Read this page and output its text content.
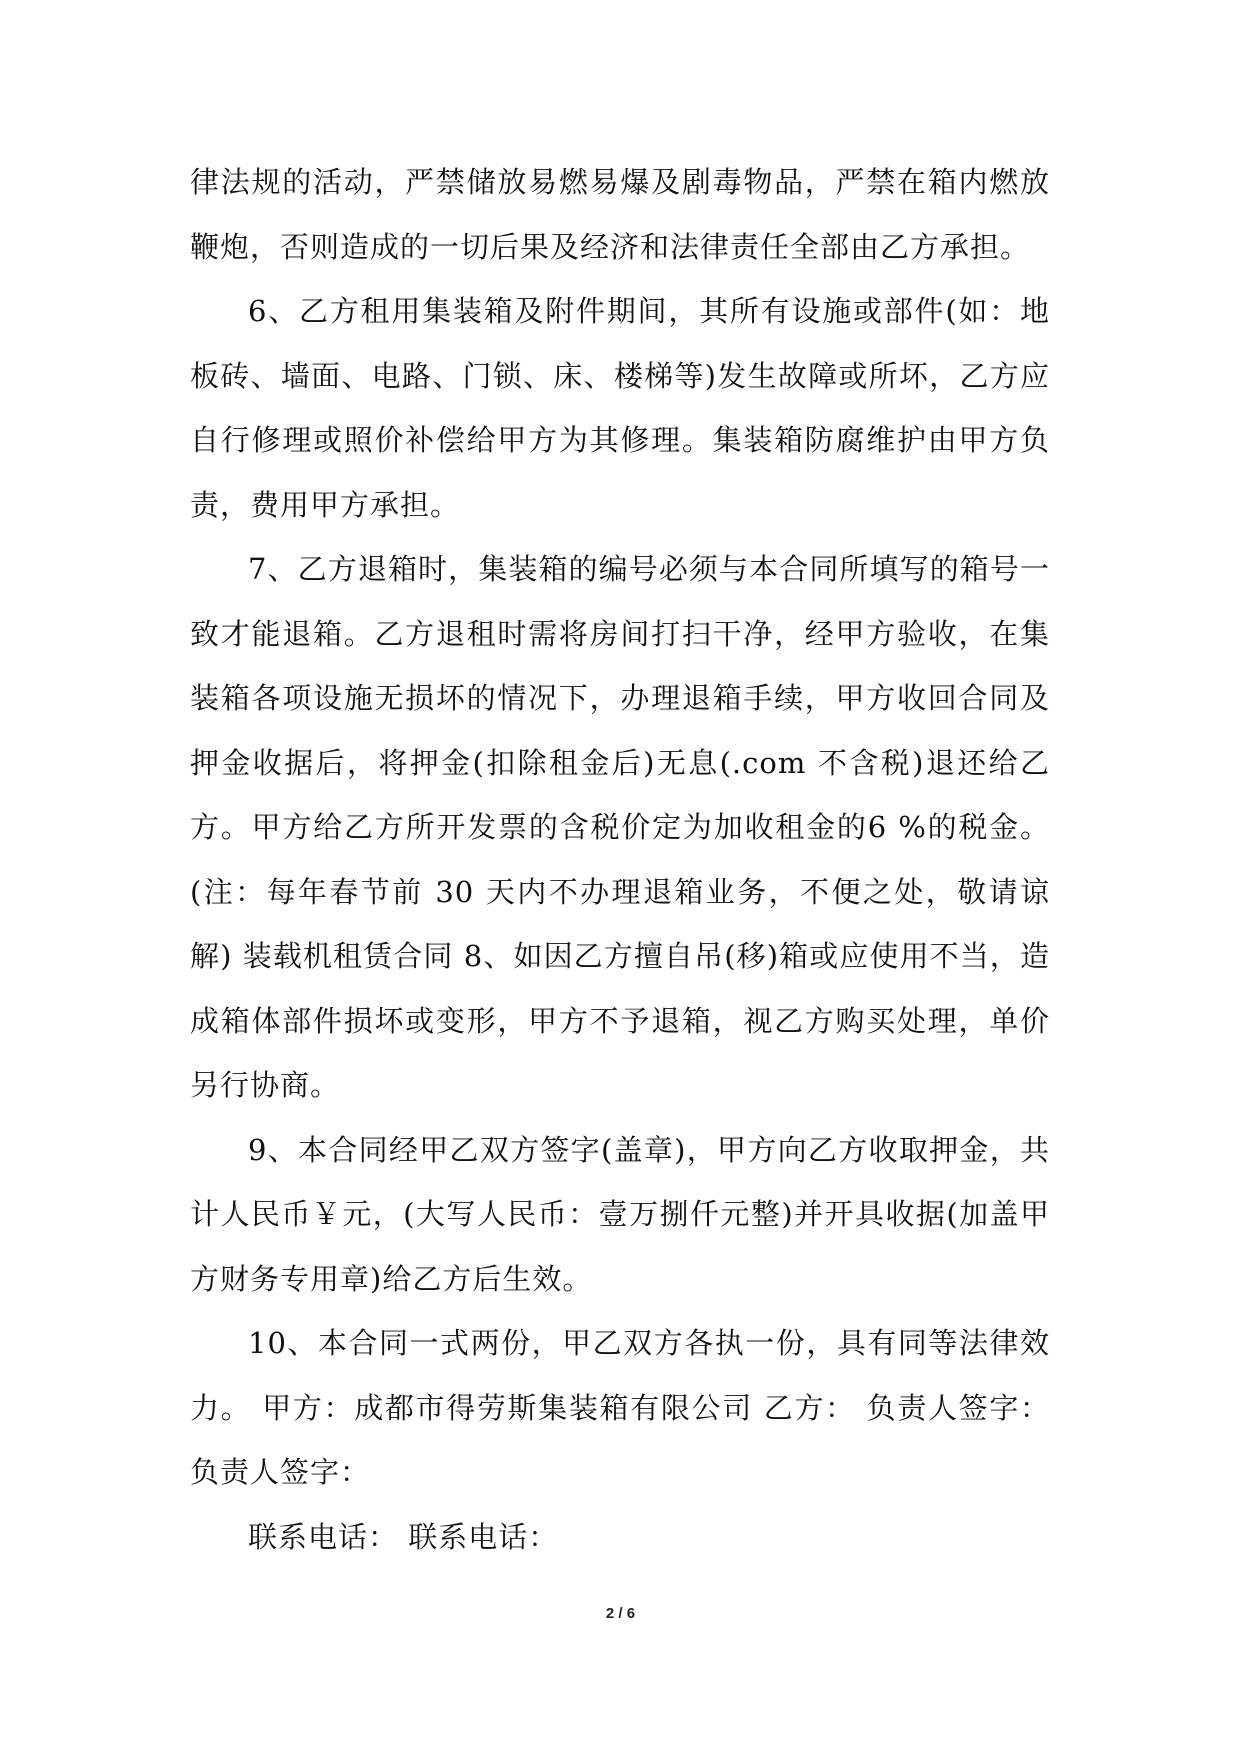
律法规的活动，严禁储放易燃易爆及剧毒物品，严禁在箱内燃放鞭炮，否则造成的一切后果及经济和法律责任全部由乙方承担。

6、乙方租用集装箱及附件期间，其所有设施或部件(如：地板砖、墙面、电路、门锁、床、楼梯等)发生故障或所坏，乙方应自行修理或照价补偿给甲方为其修理。集装箱防腐维护由甲方负责，费用甲方承担。

7、乙方退箱时，集装箱的编号必须与本合同所填写的箱号一致才能退箱。乙方退租时需将房间打扫干净，经甲方验收，在集装箱各项设施无损坏的情况下，办理退箱手续，甲方收回合同及押金收据后，将押金(扣除租金后)无息(.com 不含税)退还给乙方。甲方给乙方所开发票的含税价定为加收租金的6 %的税金。(注：每年春节前 30 天内不办理退箱业务，不便之处，敬请谅解) 装载机租赁合同 8、如因乙方擅自吊(移)箱或应使用不当，造成箱体部件损坏或变形，甲方不予退箱，视乙方购买处理，单价另行协商。

9、本合同经甲乙双方签字(盖章)，甲方向乙方收取押金，共计人民币￥元，(大写人民币：壹万捌仟元整)并开具收据(加盖甲方财务专用章)给乙方后生效。

10、本合同一式两份，甲乙双方各执一份，具有同等法律效力。 甲方：成都市得劳斯集装箱有限公司 乙方： 负责人签字：负责人签字：

联系电话： 联系电话：

2 / 6
